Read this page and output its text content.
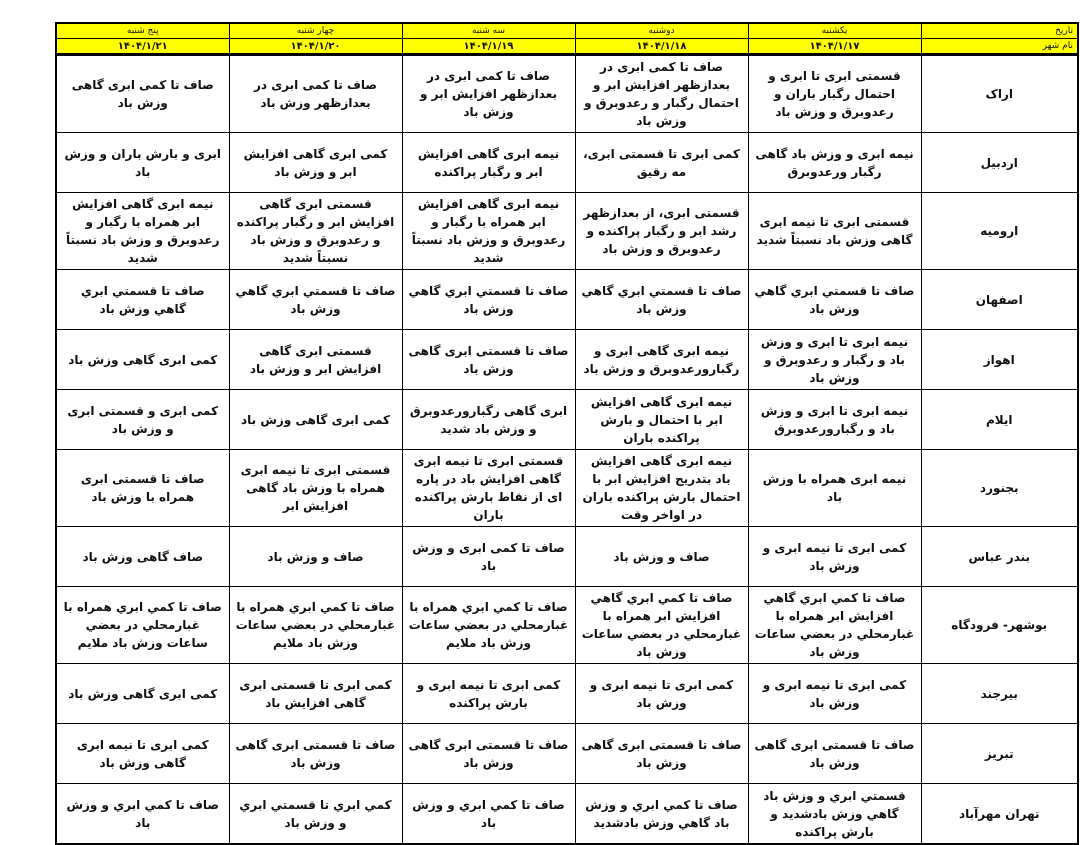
تاریخ	یکشنبه	دوشنبه	سه شنبه	چهار شنبه	پنج شنبه
نام شهر	۱۴۰۴/۱/۱۷	۱۴۰۴/۱/۱۸	۱۴۰۴/۱/۱۹	۱۴۰۴/۱/۲۰	۱۴۰۴/۱/۲۱
اراک	قسمتی ابری تا ابری و احتمال رگبار باران و رعدوبرق و وزش باد	صاف تا کمی ابری در بعدازظهر افزایش ابر و احتمال رگبار و رعدوبرق و وزش باد	صاف تا کمی ابری در بعدازظهر افزایش ابر و وزش باد	صاف تا کمی ابری در بعدازظهر وزش باد	صاف تا کمی ابری گاهی وزش باد
اردبیل	نیمه ابری و وزش باد گاهی رگبار ورعدوبرق	کمی ابری تا قسمتی ابری، مه رقیق	نیمه ابری گاهی افزایش ابر و رگبار پراکنده	کمی ابری گاهی افزایش ابر و وزش باد	ابری و بارش باران و وزش باد
ارومیه	قسمتی ابری تا نیمه ابری گاهی وزش باد نسبتاً شدید	قسمتی ابری، از بعدازظهر رشد ابر و رگبار پراکنده و رعدوبرق و وزش باد	نیمه ابری گاهی افزایش ابر همراه با رگبار و رعدوبرق و وزش باد نسبتاً شدید	قسمتی ابری گاهی افزایش ابر و رگبار پراکنده و رعدوبرق و وزش باد نسبتاً شدید	نیمه ابری گاهی افزایش ابر همراه با رگبار و رعدوبرق و وزش باد نسبتاً شدید
اصفهان	صاف تا قسمتي ابري گاهي وزش باد	صاف تا قسمتي ابري گاهي وزش باد	صاف تا قسمتي ابري گاهي وزش باد	صاف تا قسمتي ابري گاهي وزش باد	صاف تا قسمتي ابري گاهي وزش باد
اهواز	نیمه ابری تا ابری و وزش باد و رگبار و رعدوبرق و وزش باد	نیمه ابری گاهی ابری و رگبارورعدوبرق و وزش باد	صاف تا قسمتی ابری گاهی وزش باد	قسمتی ابری گاهی افزایش ابر و وزش باد	کمی ابری گاهی وزش باد
ایلام	نیمه ابری تا ابری و وزش باد و رگبارورعدوبرق	نیمه ابری گاهی افزایش ابر با احتمال و بارش پراکنده باران	ابری گاهی رگبارورعدوبرق و وزش باد شدید	کمی ابری گاهی وزش باد	کمی ابری و قسمتی ابری و وزش باد
بجنورد	نیمه ابری همراه با وزش باد	نیمه ابری گاهی افزایش باد بتدریج افزایش ابر با احتمال بارش پراکنده باران در اواخر وقت	قسمتی ابری تا نیمه ابری گاهی افزایش باد در پاره ای از نقاط بارش پراکنده باران	قسمتی ابری تا نیمه ابری همراه با وزش باد گاهی افزایش ابر	صاف تا قسمتی ابری همراه با وزش باد
بندر عباس	کمی ابری تا نیمه ابری و وزش باد	صاف و وزش باد	صاف تا کمی ابری و وزش باد	صاف و وزش باد	صاف گاهی وزش باد
بوشهر- فرودگاه	صاف تا كمي ابري گاهي افزايش ابر همراه با غبارمحلي در بعضي ساعات وزش باد	صاف تا كمي ابري گاهي افزايش ابر همراه با غبارمحلي در بعضي ساعات وزش باد	صاف تا كمي ابري همراه با غبارمحلي در بعضي ساعات وزش باد ملايم	صاف تا كمي ابري همراه با غبارمحلي در بعضي ساعات وزش باد ملايم	صاف تا كمي ابري همراه با غبارمحلي در بعضي ساعات وزش باد ملايم
بیرجند	کمی ابری تا نیمه ابری و وزش باد	کمی ابری تا نیمه ابری و وزش باد	کمی ابری تا نیمه ابری و بارش پراکنده	کمی ابری تا قسمتی ابری گاهی افزایش باد	کمی ابری گاهی وزش باد
تبریز	صاف تا قسمتی ابری گاهی وزش باد	صاف تا قسمتی ابری گاهی وزش باد	صاف تا قسمتی ابری گاهی وزش باد	صاف تا قسمتی ابری گاهی وزش باد	کمی ابری تا نیمه ابری گاهی وزش باد
تهران مهرآباد	قسمتي ابري و وزش باد گاهي وزش بادشديد و بارش پراكنده	صاف تا كمي ابري و وزش باد گاهي وزش بادشديد	صاف تا كمي ابري و وزش باد	كمي ابري تا قسمتي ابري و وزش باد	صاف تا كمي ابري و وزش باد
